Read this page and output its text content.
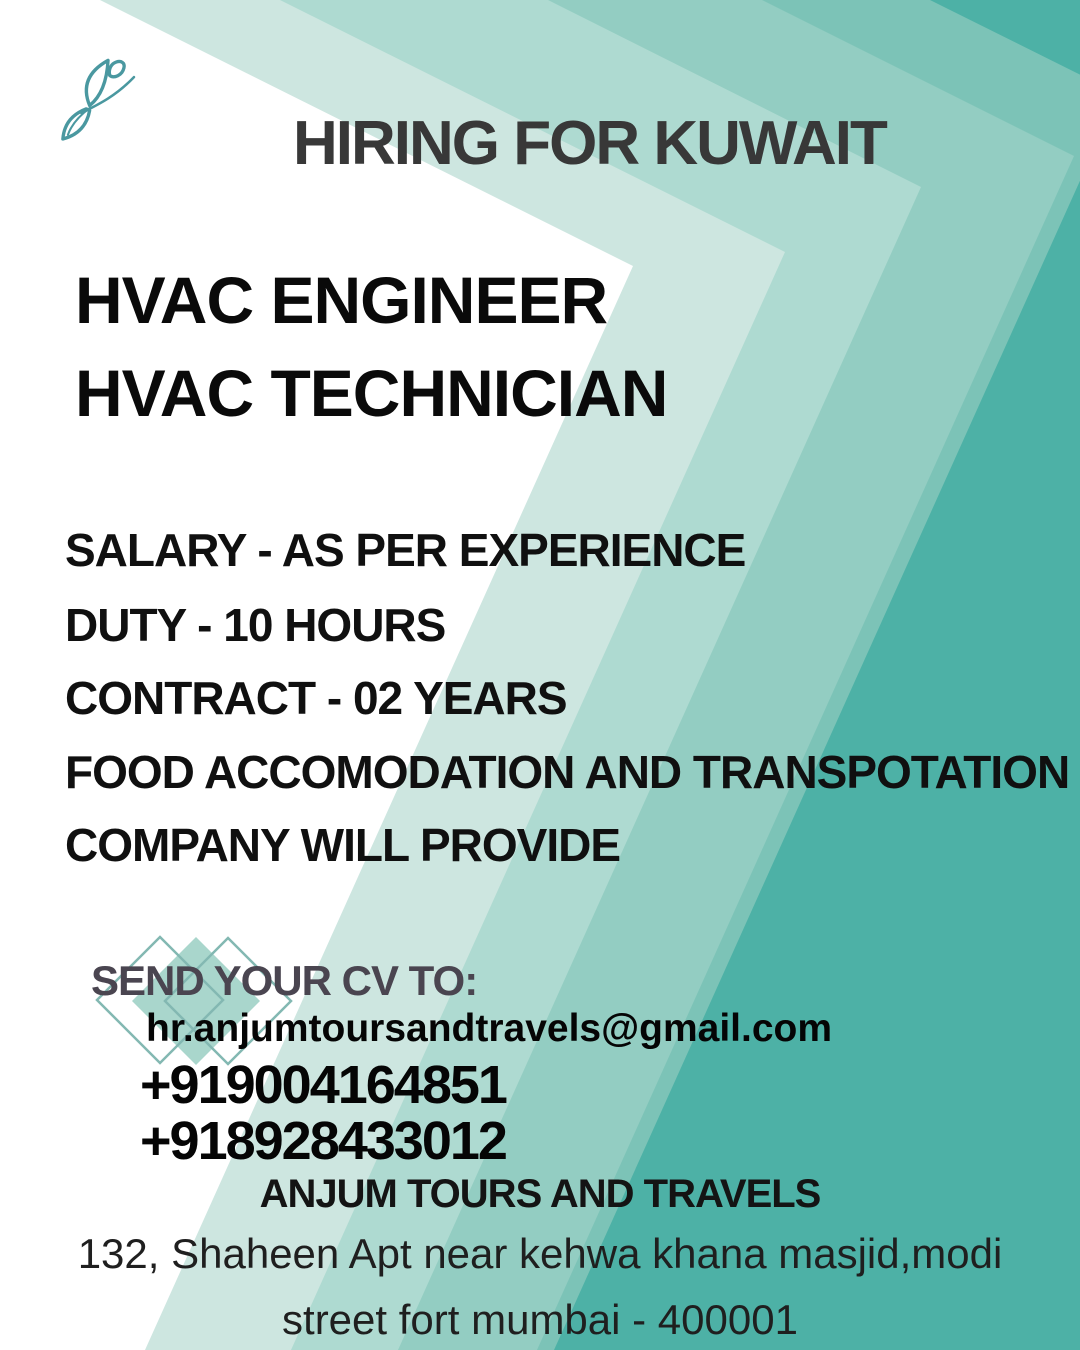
HIRING FOR KUWAIT
HVAC ENGINEER
HVAC TECHNICIAN
SALARY - AS PER EXPERIENCE
DUTY - 10 HOURS
CONTRACT - 02 YEARS
FOOD ACCOMODATION AND TRANSPOTATION
COMPANY WILL PROVIDE
SEND YOUR CV TO:
hr.anjumtoursandtravels@gmail.com
+919004164851
+918928433012
ANJUM TOURS AND TRAVELS
132, Shaheen Apt near kehwa khana masjid,modi
street fort mumbai - 400001
